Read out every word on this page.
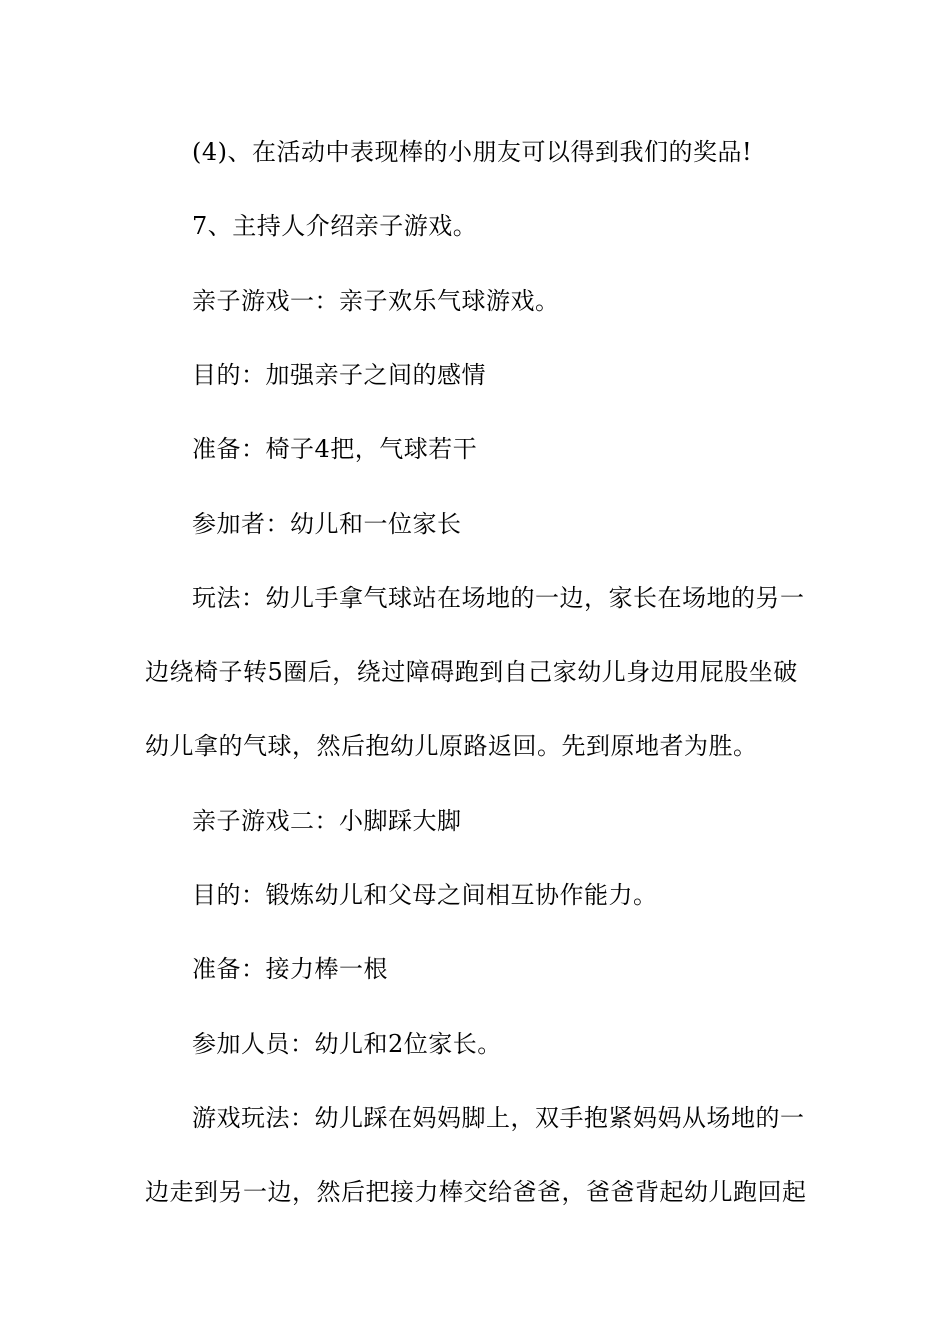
(4)、在活动中表现棒的小朋友可以得到我们的奖品!
7、主持人介绍亲子游戏。
亲子游戏一：亲子欢乐气球游戏。
目的：加强亲子之间的感情
准备：椅子4把，气球若干
参加者：幼儿和一位家长
玩法：幼儿手拿气球站在场地的一边，家长在场地的另一
边绕椅子转5圈后，绕过障碍跑到自己家幼儿身边用屁股坐破
幼儿拿的气球，然后抱幼儿原路返回。先到原地者为胜。
亲子游戏二：小脚踩大脚
目的：锻炼幼儿和父母之间相互协作能力。
准备：接力棒一根
参加人员：幼儿和2位家长。
游戏玩法：幼儿踩在妈妈脚上，双手抱紧妈妈从场地的一
边走到另一边，然后把接力棒交给爸爸，爸爸背起幼儿跑回起
